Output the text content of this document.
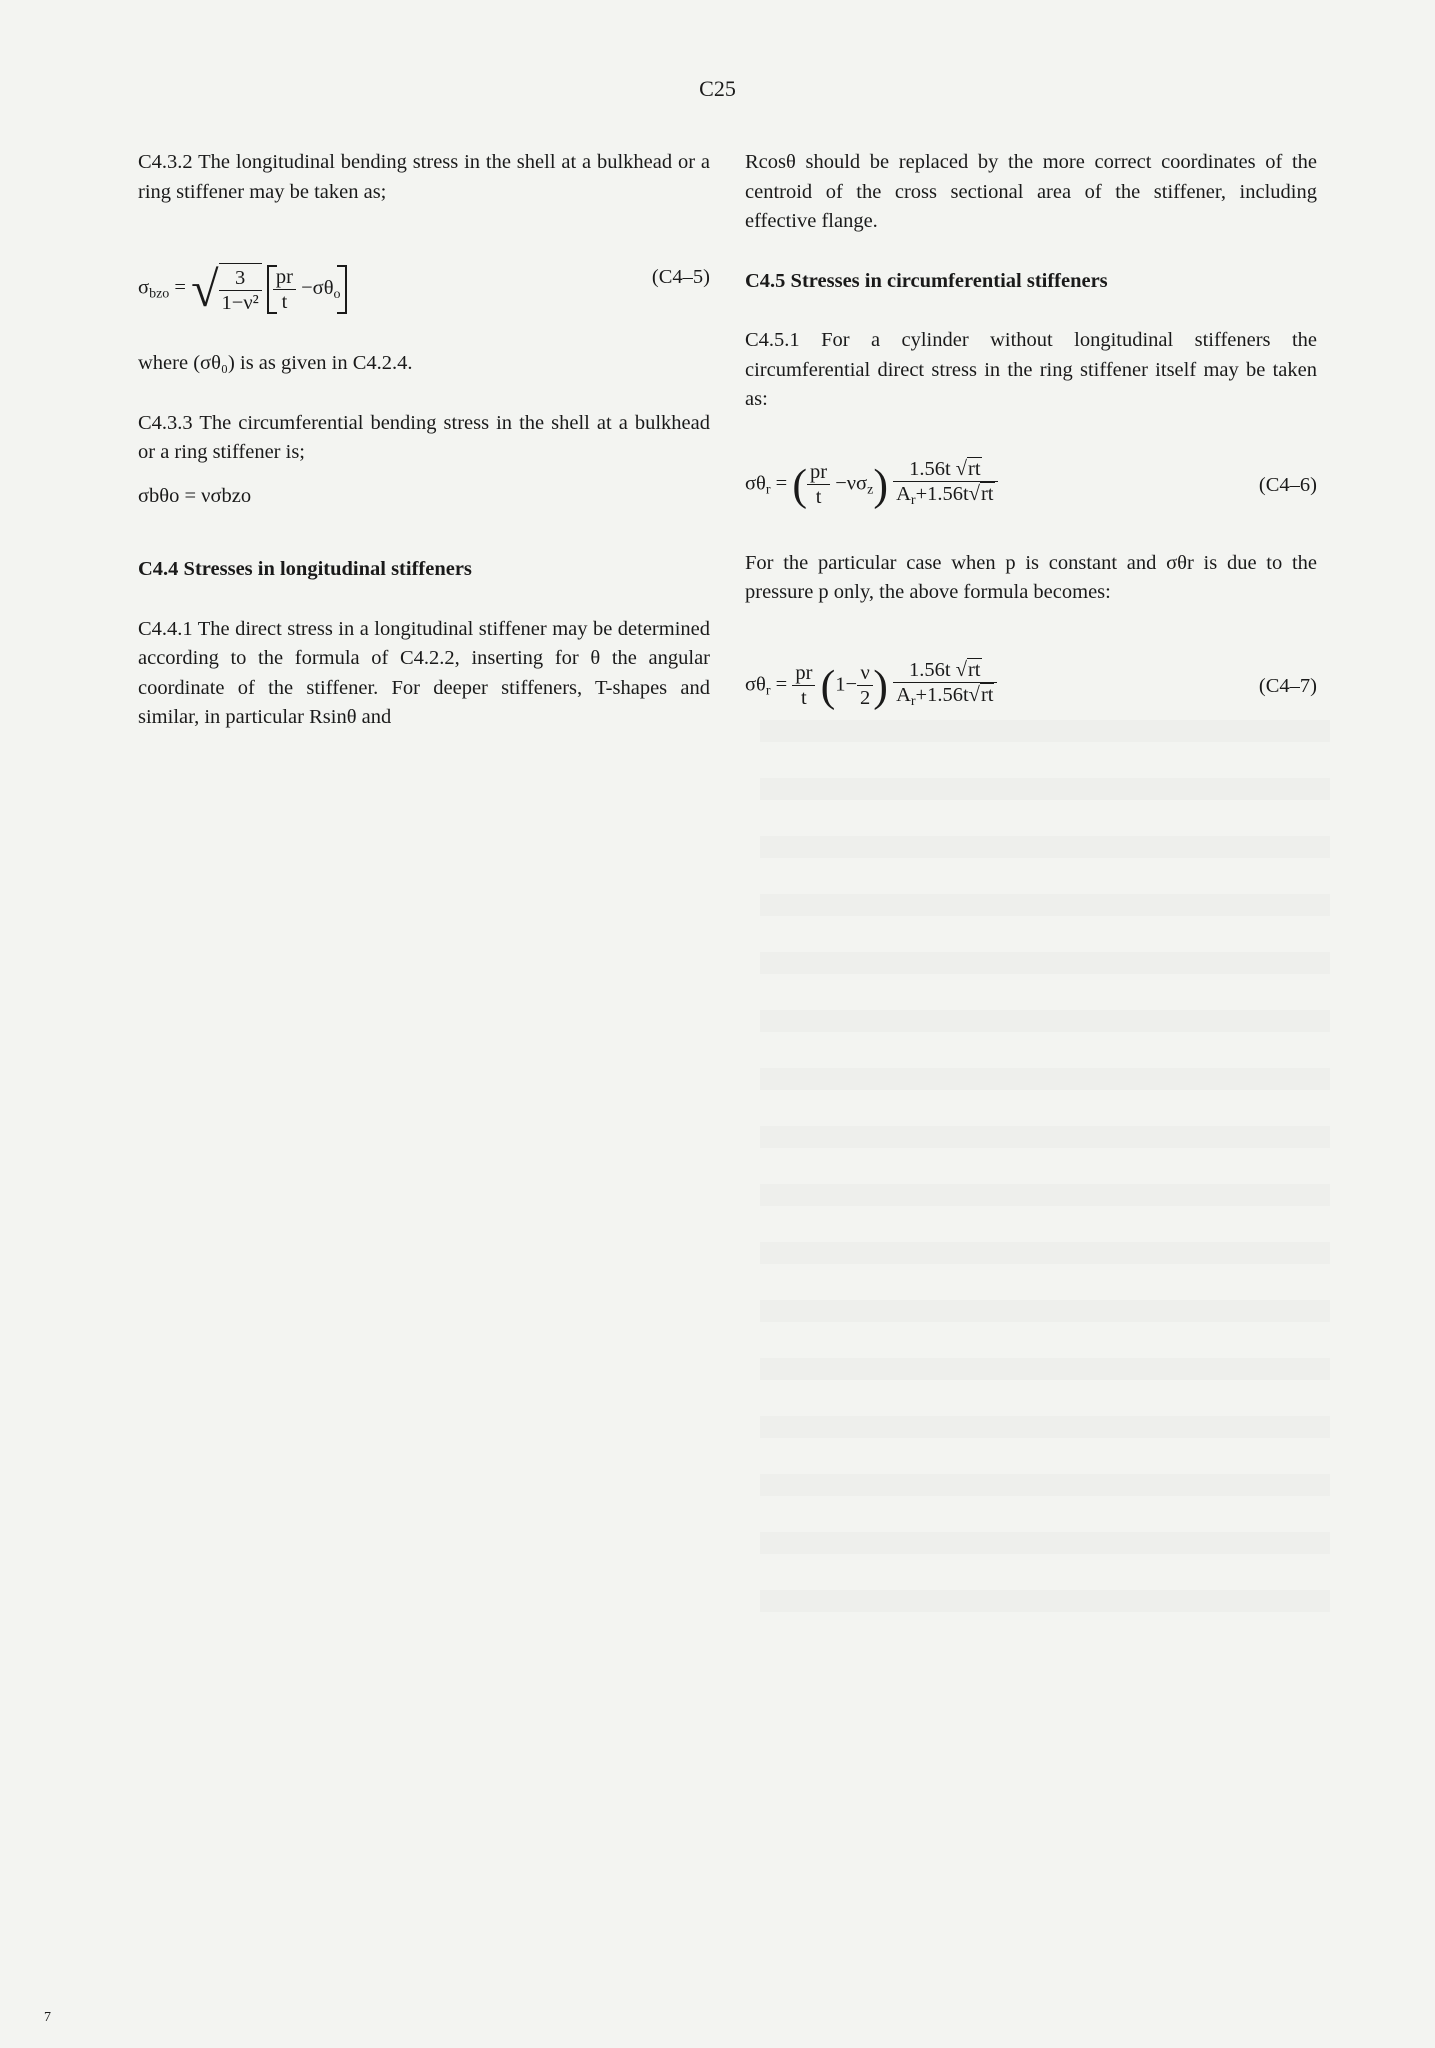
C25

C4.3.2 The longitudinal bending stress in the shell at a bulkhead or a ring stiffener may be taken as;

$\sigma_{bzo}$ = √ $\frac{3}{\text{1−ν²}}$
$\frac{pr}{t} -\sigma\theta_o$
(C4–5)

where (σθ₀) is as given in C4.2.4.

C4.3.3 The circumferential bending stress in the shell at a bulkhead or a ring stiffener is;

σbθo = νσbzo

C4.4 Stresses in longitudinal stiffeners

C4.4.1 The direct stress in a longitudinal stiffener may be determined according to the formula of C4.2.2, inserting for θ the angular coordinate of the stiffener. For deeper stiffeners, T-shapes and similar, in particular Rsinθ and

Rcosθ should be replaced by the more correct coordinates of the centroid of the cross sectional area of the stiffener, including effective flange.

C4.5 Stresses in circumferential stiffeners

C4.5.1 For a cylinder without longitudinal stiffeners the circumferential direct stress in the ring stiffener itself may be taken as:

$\sigma\theta_r$ = ( $\frac{pr}{t} -\nu\sigma_z) \frac{1.56t √rt}{A_r+1.56t√rt}$	(C4–6)

For the particular case when p is constant and σθr is due to the pressure p only, the above formula becomes:

$\sigma\theta_r = \frac{pr}{t} (1- \frac{\nu}{2}$ ) $\frac{1.56t √rt}{A_r+1.56t√rt}$	(C4–7)
7
